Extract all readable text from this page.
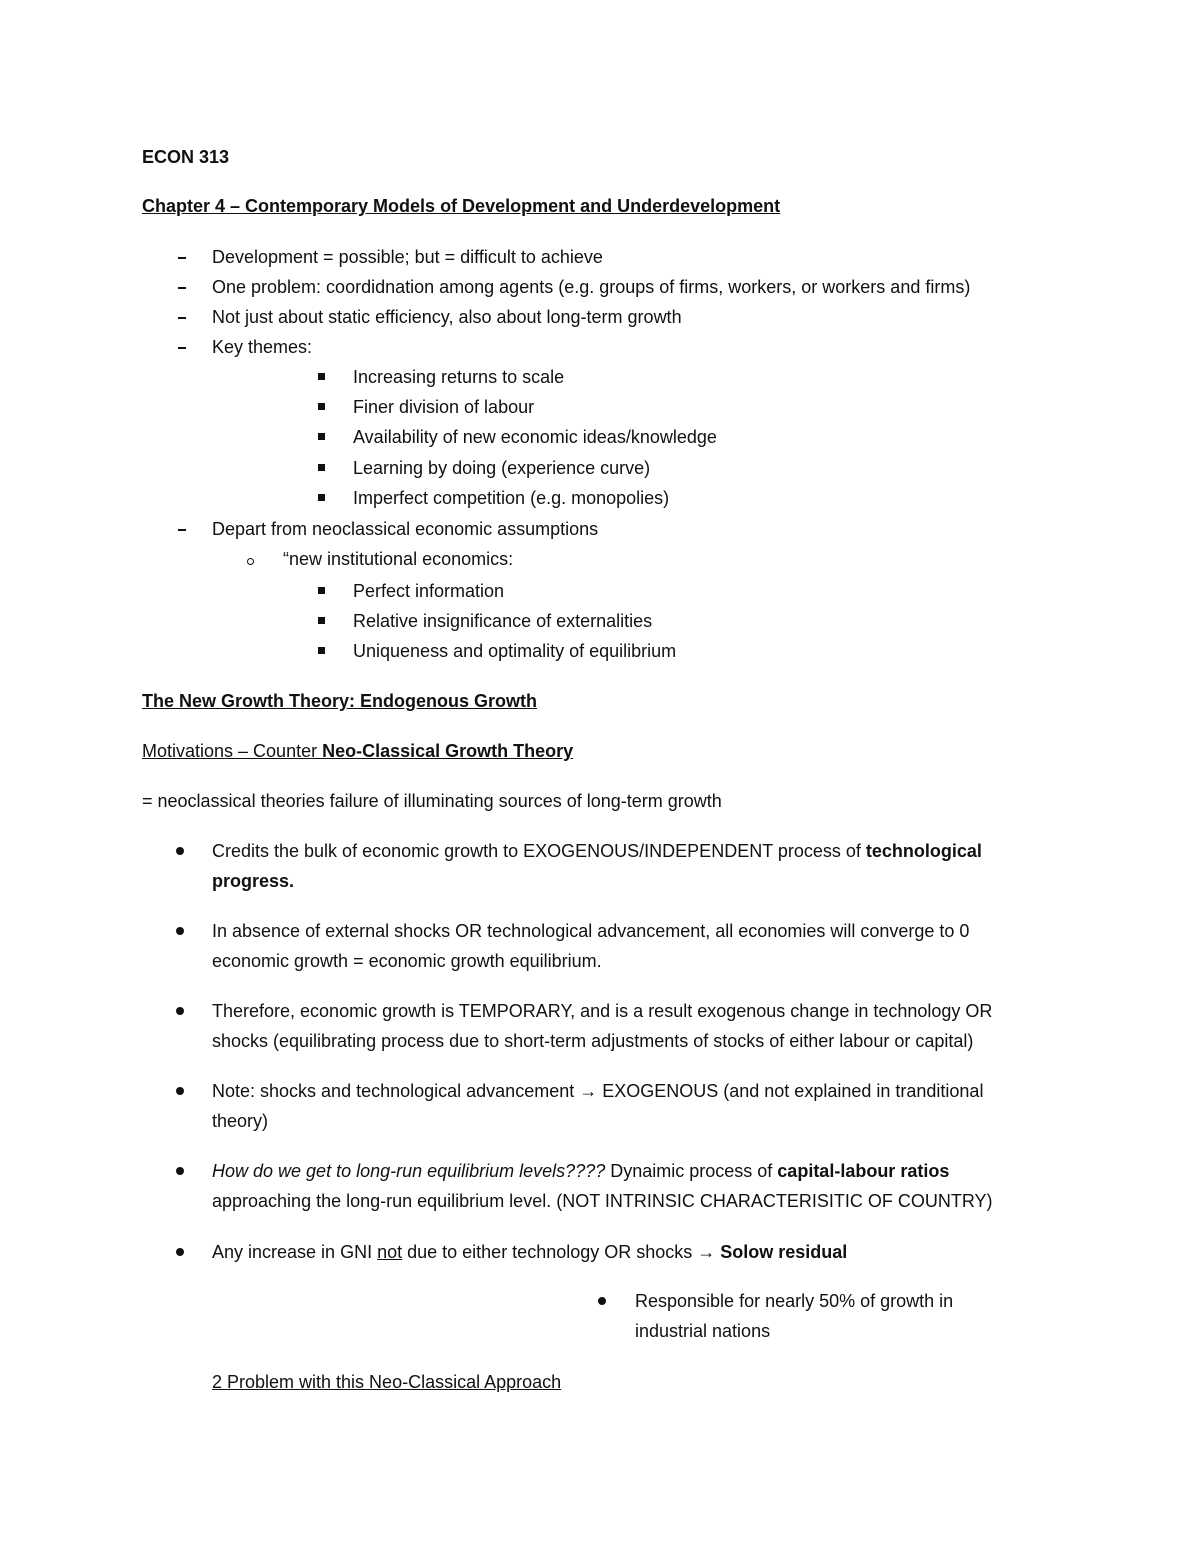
ECON 313
Chapter 4 – Contemporary Models of Development and Underdevelopment
Development = possible; but = difficult to achieve
One problem: coordidnation among agents (e.g. groups of firms, workers, or workers and firms)
Not just about static efficiency, also about long-term growth
Key themes:
Increasing returns to scale
Finer division of labour
Availability of new economic ideas/knowledge
Learning by doing (experience curve)
Imperfect competition (e.g. monopolies)
Depart from neoclassical economic assumptions
“new institutional economics:
Perfect information
Relative insignificance of externalities
Uniqueness and optimality of equilibrium
The New Growth Theory: Endogenous Growth
Motivations – Counter Neo-Classical Growth Theory
= neoclassical theories failure of illuminating sources of long-term growth
Credits the bulk of economic growth to EXOGENOUS/INDEPENDENT process of technological
progress.
In absence of external shocks OR technological advancement, all economies will converge to 0
economic growth = economic growth equilibrium.
Therefore, economic growth is TEMPORARY, and is a result exogenous change in technology OR
shocks (equilibrating process due to short-term adjustments of stocks of either labour or capital)
Note: shocks and technological advancement → EXOGENOUS (and not explained in tranditional
theory)
How do we get to long-run equilibrium levels???? Dynaimic process of capital-labour ratios
approaching the long-run equilibrium level. (NOT INTRINSIC CHARACTERISITIC OF COUNTRY)
Any increase in GNI not due to either technology OR shocks → Solow residual
Responsible for nearly 50% of growth in
industrial nations
2 Problem with this Neo-Classical Approach
